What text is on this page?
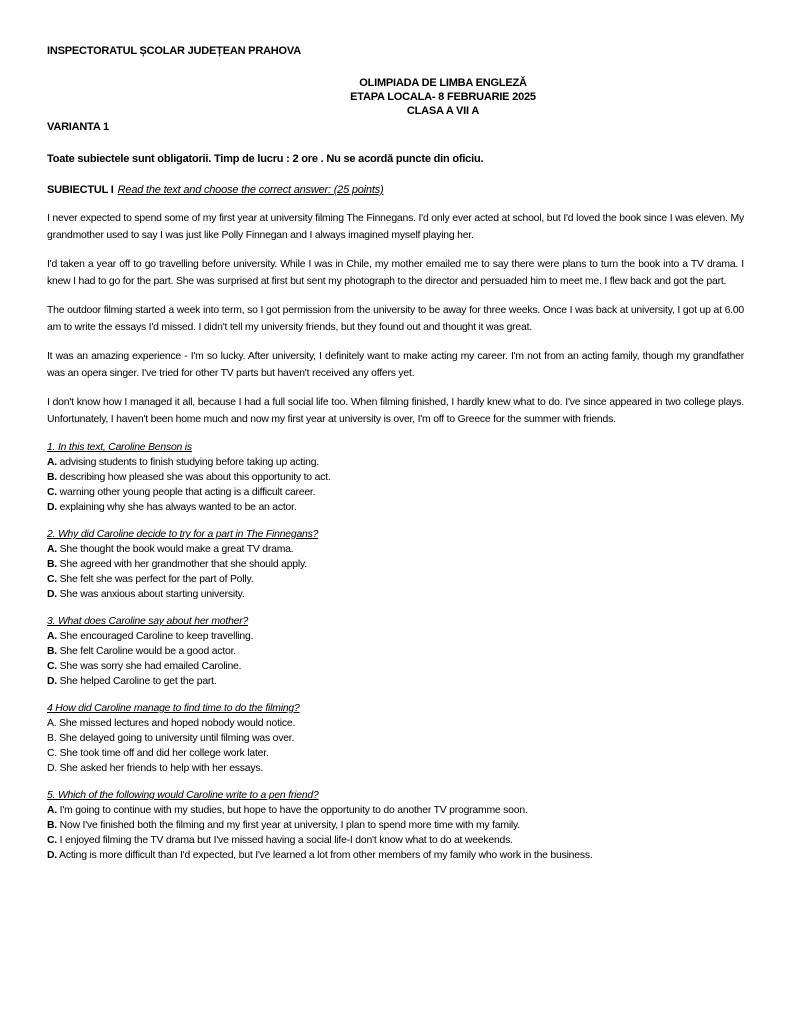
INSPECTORATUL ȘCOLAR JUDEȚEAN PRAHOVA
OLIMPIADA DE LIMBA ENGLEZĂ
ETAPA LOCALA- 8 FEBRUARIE 2025
CLASA A VII A
VARIANTA 1
Toate subiectele sunt obligatorii. Timp de lucru : 2 ore . Nu se acordă puncte din oficiu.
SUBIECTUL I Read the text and choose the correct answer: (25 points)

I never expected to spend some of my first year at university filming The Finnegans. I'd only ever acted at school, but I'd loved the book since I was eleven. My grandmother used to say I was just like Polly Finnegan and I always imagined myself playing her.

I'd taken a year off to go travelling before university. While I was in Chile, my mother emailed me to say there were plans to turn the book into a TV drama. I knew I had to go for the part. She was surprised at first but sent my photograph to the director and persuaded him to meet me. I flew back and got the part.

The outdoor filming started a week into term, so I got permission from the university to be away for three weeks. Once I was back at university, I got up at 6.00 am to write the essays I'd missed. I didn't tell my university friends, but they found out and thought it was great.

It was an amazing experience - I'm so lucky. After university, I definitely want to make acting my career. I'm not from an acting family, though my grandfather was an opera singer. I've tried for other TV parts but haven't received any offers yet.

I don't know how I managed it all, because I had a full social life too. When filming finished, I hardly knew what to do. I've since appeared in two college plays. Unfortunately, I haven't been home much and now my first year at university is over, I'm off to Greece for the summer with friends.

1. In this text, Caroline Benson is
A. advising students to finish studying before taking up acting.
B. describing how pleased she was about this opportunity to act.
C. warning other young people that acting is a difficult career.
D. explaining why she has always wanted to be an actor.
2. Why did Caroline decide to try for a part in The Finnegans?
A. She thought the book would make a great TV drama.
B. She agreed with her grandmother that she should apply.
C. She felt she was perfect for the part of Polly.
D. She was anxious about starting university.
3. What does Caroline say about her mother?
A. She encouraged Caroline to keep travelling.
B. She felt Caroline would be a good actor.
C. She was sorry she had emailed Caroline.
D. She helped Caroline to get the part.
4 How did Caroline manage to find time to do the filming?
A. She missed lectures and hoped nobody would notice.
B. She delayed going to university until filming was over.
C. She took time off and did her college work later.
D. She asked her friends to help with her essays.
5. Which of the following would Caroline write to a pen friend?
A. I'm going to continue with my studies, but hope to have the opportunity to do another TV programme soon.
B. Now I've finished both the filming and my first year at university, I plan to spend more time with my family.
C. I enjoyed filming the TV drama but I've missed having a social life-I don't know what to do at weekends.
D. Acting is more difficult than I'd expected, but I've learned a lot from other members of my family who work in the business.
